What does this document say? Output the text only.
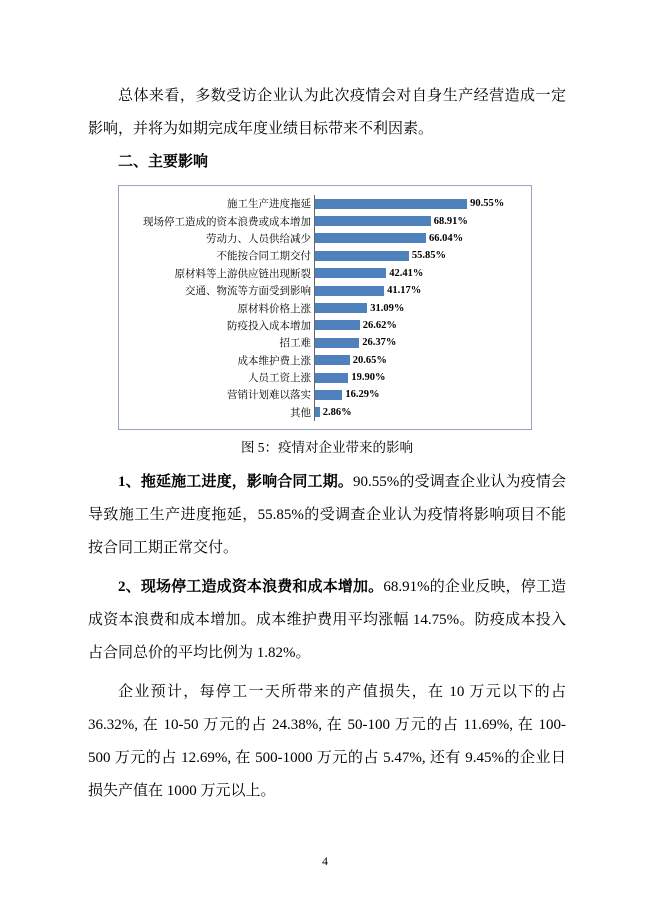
总体来看，多数受访企业认为此次疫情会对自身生产经营造成一定影响，并将为如期完成年度业绩目标带来不利因素。

二、主要影响
施工生产进度拖延	90.55%
现场停工造成的资本浪费或成本增加	68.91%
劳动力、人员供给减少	66.04%
不能按合同工期交付	55.85%
原材料等上游供应链出现断裂	42.41%
交通、物流等方面受到影响	41.17%
原材料价格上涨	31.09%
防疫投入成本增加	26.62%
招工难	26.37%
成本维护费上涨	20.65%
人员工资上涨	19.90%
营销计划难以落实	16.29%
其他 2.86%

图 5：疫情对企业带来的影响

1、拖延施工进度，影响合同工期。90.55%的受调查企业认为疫情会导致施工生产进度拖延，55.85%的受调查企业认为疫情将影响项目不能按合同工期正常交付。

2、现场停工造成资本浪费和成本增加。68.91%的企业反映，停工造成资本浪费和成本增加。成本维护费用平均涨幅 14.75%。防疫成本投入占合同总价的平均比例为 1.82%。

企业预计，每停工一天所带来的产值损失，在 10 万元以下的占 36.32%, 在 10-50 万元的占 24.38%, 在 50-100 万元的占 11.69%, 在 100-500 万元的占 12.69%, 在 500-1000 万元的占 5.47%, 还有 9.45%的企业日损失产值在 1000 万元以上。

4
